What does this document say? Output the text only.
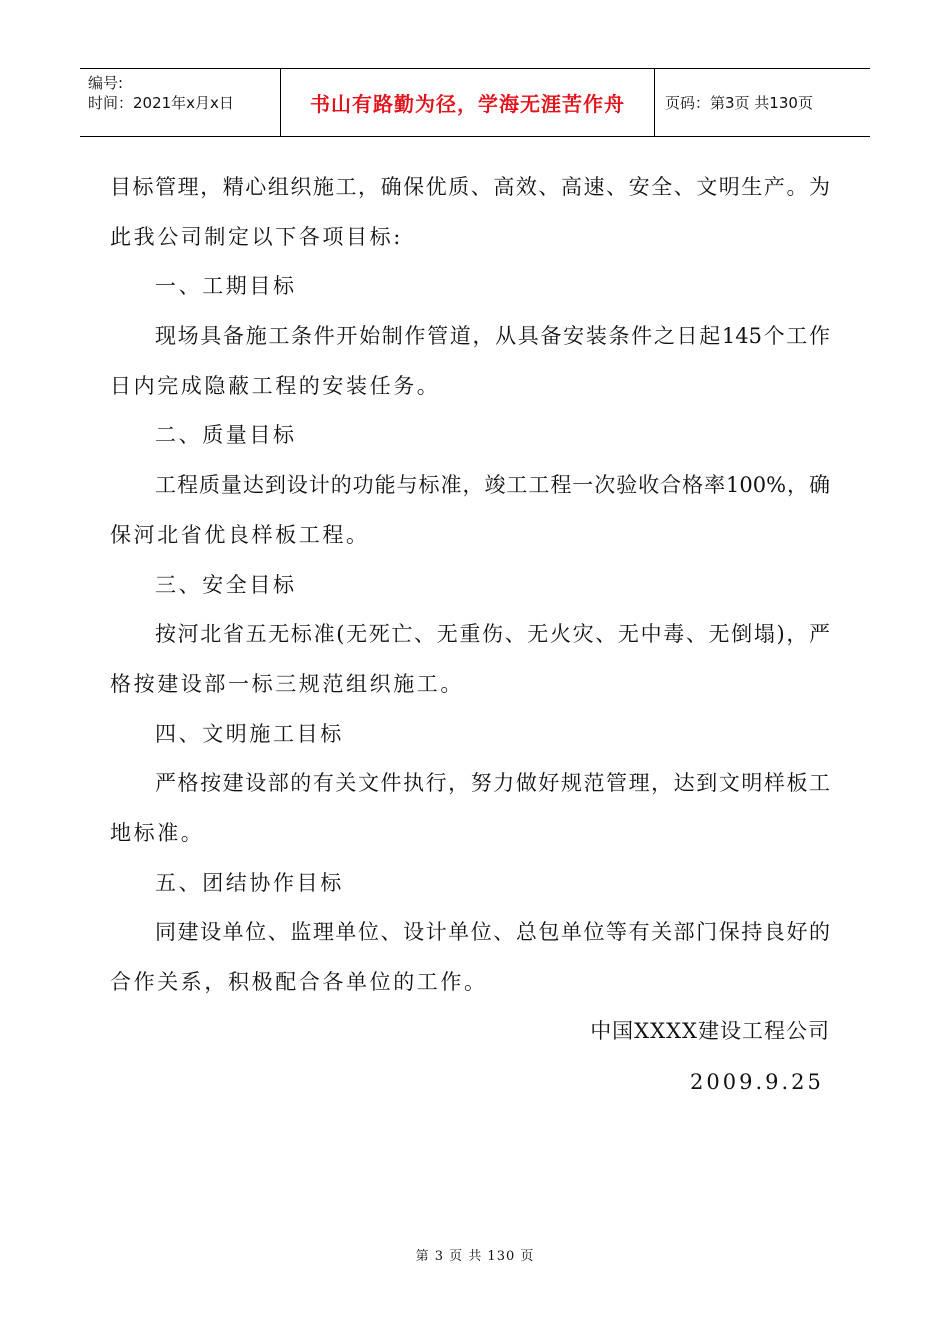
编号:
时间：2021年x月x日	书山有路勤为径，学海无涯苦作舟	页码：第3页 共130页
目标管理，精心组织施工，确保优质、高效、高速、安全、文明生产。为
此我公司制定以下各项目标:
一、工期目标
现场具备施工条件开始制作管道，从具备安装条件之日起145个工作
日内完成隐蔽工程的安装任务。
二、质量目标
工程质量达到设计的功能与标准，竣工工程一次验收合格率100%，确
保河北省优良样板工程。
三、安全目标
按河北省五无标准(无死亡、无重伤、无火灾、无中毒、无倒塌)，严
格按建设部一标三规范组织施工。
四、文明施工目标
严格按建设部的有关文件执行，努力做好规范管理，达到文明样板工
地标准。
五、团结协作目标
同建设单位、监理单位、设计单位、总包单位等有关部门保持良好的
合作关系，积极配合各单位的工作。
中国XXXX建设工程公司
2009.9.25
第 3 页 共 130 页
